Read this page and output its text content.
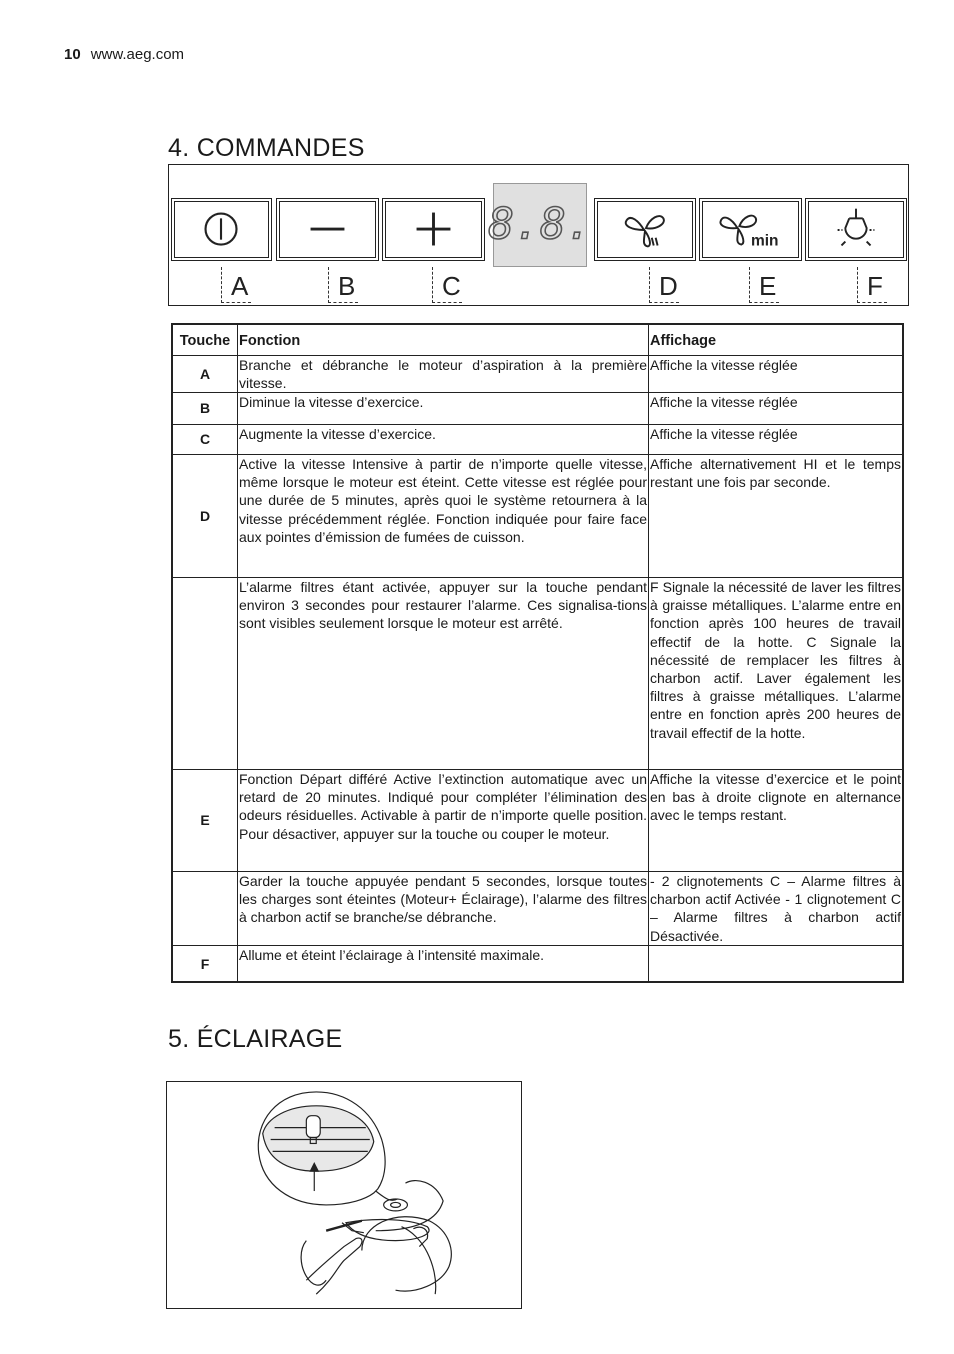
10 www.aeg.com
4. COMMANDES
8.8.	min
A	B	C	D	E	F
Touche	Fonction	Affichage
A	Branche et débranche le moteur d’aspiration à la première vitesse.	Affiche la vitesse réglée
B	Diminue la vitesse d’exercice.	Affiche la vitesse réglée
C	Augmente la vitesse d’exercice.	Affiche la vitesse réglée
D	Active la vitesse Intensive à partir de n’importe quelle vitesse, même lorsque le moteur est éteint. Cette vitesse est réglée pour une durée de 5 minutes, après quoi le système retournera à la vitesse précédemment réglée. Fonction indiquée pour faire face aux pointes d’émission de fumées de cuisson.	Affiche alternativement HI et le temps restant une fois par seconde.
	L’alarme filtres étant activée, appuyer sur la touche pendant environ 3 secondes pour restaurer l’alarme. Ces signalisa-tions sont visibles seulement lorsque le moteur est arrêté.	F Signale la nécessité de laver les filtres à graisse métalliques. L’alarme entre en fonction après 100 heures de travail effectif de la hotte. C Signale la nécessité de remplacer les filtres à charbon actif. Laver également les filtres à graisse métalliques. L’alarme entre en fonction après 200 heures de travail effectif de la hotte.
E	Fonction Départ différé Active l’extinction automatique avec un retard de 20 minutes. Indiqué pour compléter l’élimination des odeurs résiduelles. Activable à partir de n’importe quelle position. Pour désactiver, appuyer sur la touche ou couper le moteur.	Affiche la vitesse d’exercice et le point en bas à droite clignote en alternance avec le temps restant.
	Garder la touche appuyée pendant 5 secondes, lorsque toutes les charges sont éteintes (Moteur+ Éclairage), l’alarme des filtres à charbon actif se branche/se débranche.	- 2 clignotements C – Alarme filtres à charbon actif Activée - 1 clignotement C – Alarme filtres à charbon actif Désactivée.
F	Allume et éteint l’éclairage à l’intensité maximale.	
5. ÉCLAIRAGE
